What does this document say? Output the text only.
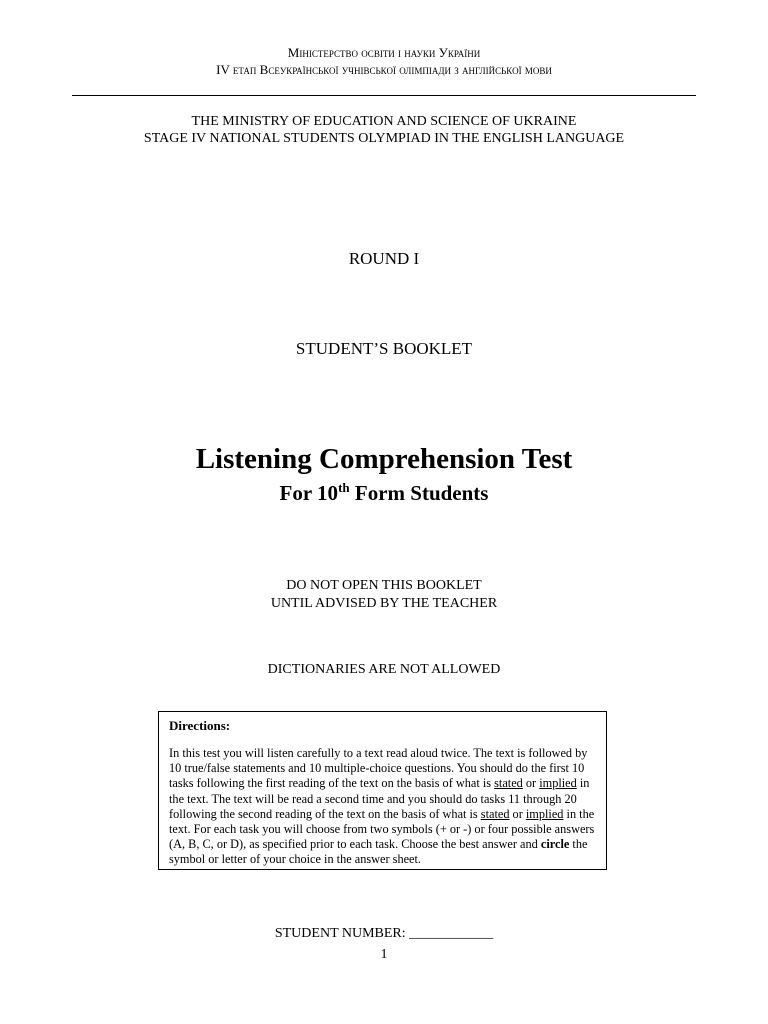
Міністерство освіти і науки України
IV етап Всеукраїнської учнівської олімпіади з англійської мови
THE MINISTRY OF EDUCATION AND SCIENCE OF UKRAINE
STAGE IV NATIONAL STUDENTS OLYMPIAD IN THE ENGLISH LANGUAGE
ROUND I
STUDENT’S BOOKLET
Listening Comprehension Test
For 10th Form Students
DO NOT OPEN THIS BOOKLET
UNTIL ADVISED BY THE TEACHER
DICTIONARIES ARE NOT ALLOWED

Directions:

In this test you will listen carefully to a text read aloud twice. The text is followed by 10 true/false statements and 10 multiple-choice questions. You should do the first 10 tasks following the first reading of the text on the basis of what is stated or implied in the text. The text will be read a second time and you should do tasks 11 through 20 following the second reading of the text on the basis of what is stated or implied in the text. For each task you will choose from two symbols (+ or -) or four possible answers (A, B, C, or D), as specified prior to each task. Choose the best answer and circle the symbol or letter of your choice in the answer sheet.

STUDENT NUMBER: ____________
1
